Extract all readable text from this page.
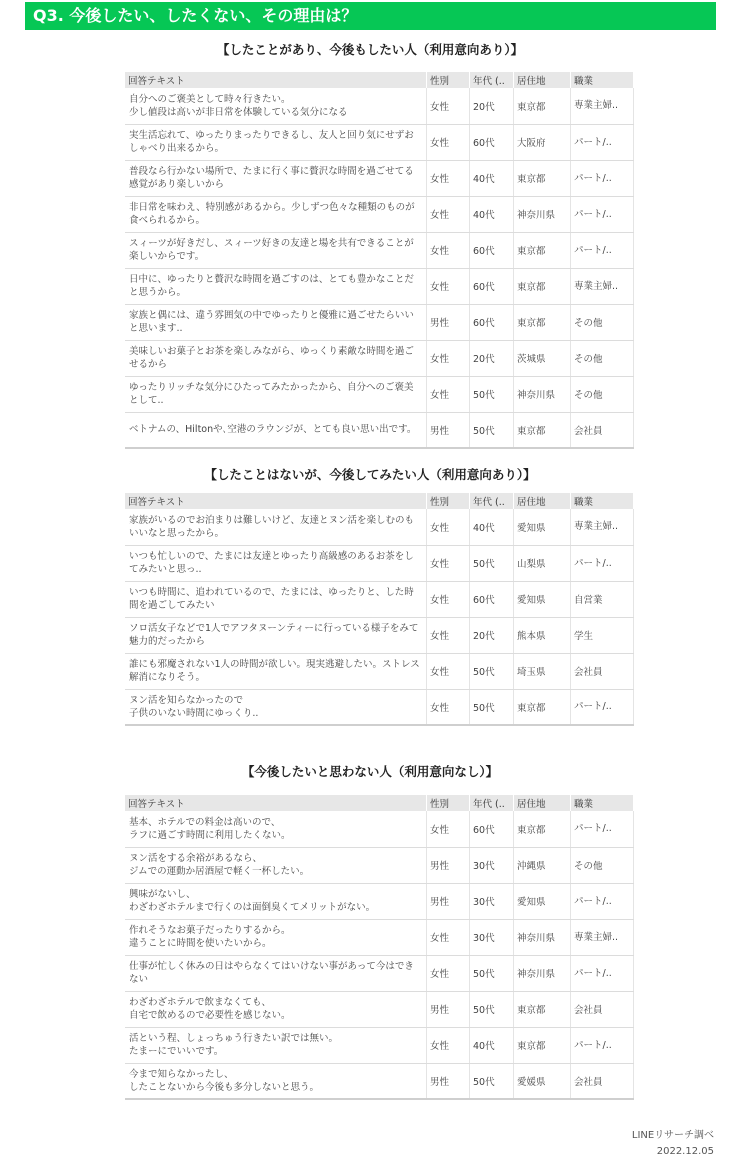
Q3. 今後したい、したくない、その理由は？
【したことがあり、今後もしたい人（利用意向あり）】
回答テキスト	性別	年代 (..	居住地	職業
自分へのご褒美として時々行きたい。
少し値段は高いが非日常を体験している気分になる	女性	20代	東京都	専業主婦..
実生活忘れて、ゆったりまったりできるし、友人と回り気にせずおしゃべり出来るから。	女性	60代	大阪府	パート/..
普段なら行かない場所で、たまに行く事に贅沢な時間を過ごせてる感覚があり楽しいから	女性	40代	東京都	パート/..
非日常を味わえ、特別感があるから。少しずつ色々な種類のものが食べられるから。	女性	40代	神奈川県	パート/..
スィーツが好きだし、スィーツ好きの友達と場を共有できることが楽しいからです。	女性	60代	東京都	パート/..
日中に、ゆったりと贅沢な時間を過ごすのは、とても豊かなことだと思うから。	女性	60代	東京都	専業主婦..
家族と偶には、違う雰囲気の中でゆったりと優雅に過ごせたらいいと思います..	男性	60代	東京都	その他
美味しいお菓子とお茶を楽しみながら、ゆっくり素敵な時間を過ごせるから	女性	20代	茨城県	その他
ゆったりリッチな気分にひたってみたかったから、自分へのご褒美として..	女性	50代	神奈川県	その他
ベトナムの、Hiltonや､空港のラウンジが、とても良い思い出です。	男性	50代	東京都	会社員
【したことはないが、今後してみたい人（利用意向あり）】
回答テキスト	性別	年代 (..	居住地	職業
家族がいるのでお泊まりは難しいけど、友達とヌン活を楽しむのもいいなと思ったから。	女性	40代	愛知県	専業主婦..
いつも忙しいので、たまには友達とゆったり高級感のあるお茶をしてみたいと思っ..	女性	50代	山梨県	パート/..
いつも時間に、追われているので、たまには、ゆったりと、した時間を過ごしてみたい	女性	60代	愛知県	自営業
ソロ活女子などで1人でアフタヌーンティーに行っている様子をみて魅力的だったから	女性	20代	熊本県	学生
誰にも邪魔されない1人の時間が欲しい。現実逃避したい。ストレス解消になりそう。	女性	50代	埼玉県	会社員
ヌン活を知らなかったので
子供のいない時間にゆっくり..	女性	50代	東京都	パート/..
【今後したいと思わない人（利用意向なし）】
回答テキスト	性別	年代 (..	居住地	職業
基本、ホテルでの料金は高いので、
ラフに過ごす時間に利用したくない。	女性	60代	東京都	パート/..
ヌン活をする余裕があるなら、
ジムでの運動か居酒屋で軽く一杯したい。	男性	30代	沖縄県	その他
興味がないし、
わざわざホテルまで行くのは面倒臭くてメリットがない。	男性	30代	愛知県	パート/..
作れそうなお菓子だったりするから。
違うことに時間を使いたいから。	女性	30代	神奈川県	専業主婦..
仕事が忙しく休みの日はやらなくてはいけない事があって今はできない	女性	50代	神奈川県	パート/..
わざわざホテルで飲まなくても、
自宅で飲めるので必要性を感じない。	男性	50代	東京都	会社員
活という程、しょっちゅう行きたい訳では無い。
たまーにでいいです。	女性	40代	東京都	パート/..
今まで知らなかったし、
したことないから今後も多分しないと思う。	男性	50代	愛媛県	会社員
LINEリサーチ調べ
2022.12.05
